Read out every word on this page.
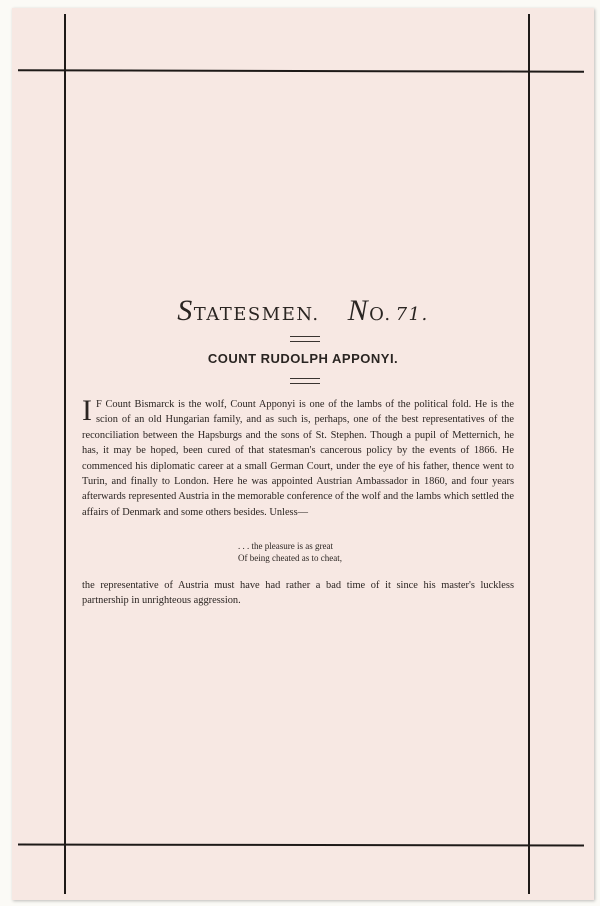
STATESMEN. NO. 71.
COUNT RUDOLPH APPONYI.
I F Count Bismarck is the wolf, Count Apponyi is one of the lambs of the political fold. He is the scion of an old Hungarian family, and as such is, perhaps, one of the best representatives of the reconciliation between the Hapsburgs and the sons of St. Stephen. Though a pupil of Metternich, he has, it may be hoped, been cured of that statesman's cancerous policy by the events of 1866. He commenced his diplomatic career at a small German Court, under the eye of his father, thence went to Turin, and finally to London. Here he was appointed Austrian Ambassador in 1860, and four years afterwards represented Austria in the memorable conference of the wolf and the lambs which settled the affairs of Denmark and some others besides. Unless—
. . . the pleasure is as great
Of being cheated as to cheat,
the representative of Austria must have had rather a bad time of it since his master's luckless partnership in unrighteous aggression.
